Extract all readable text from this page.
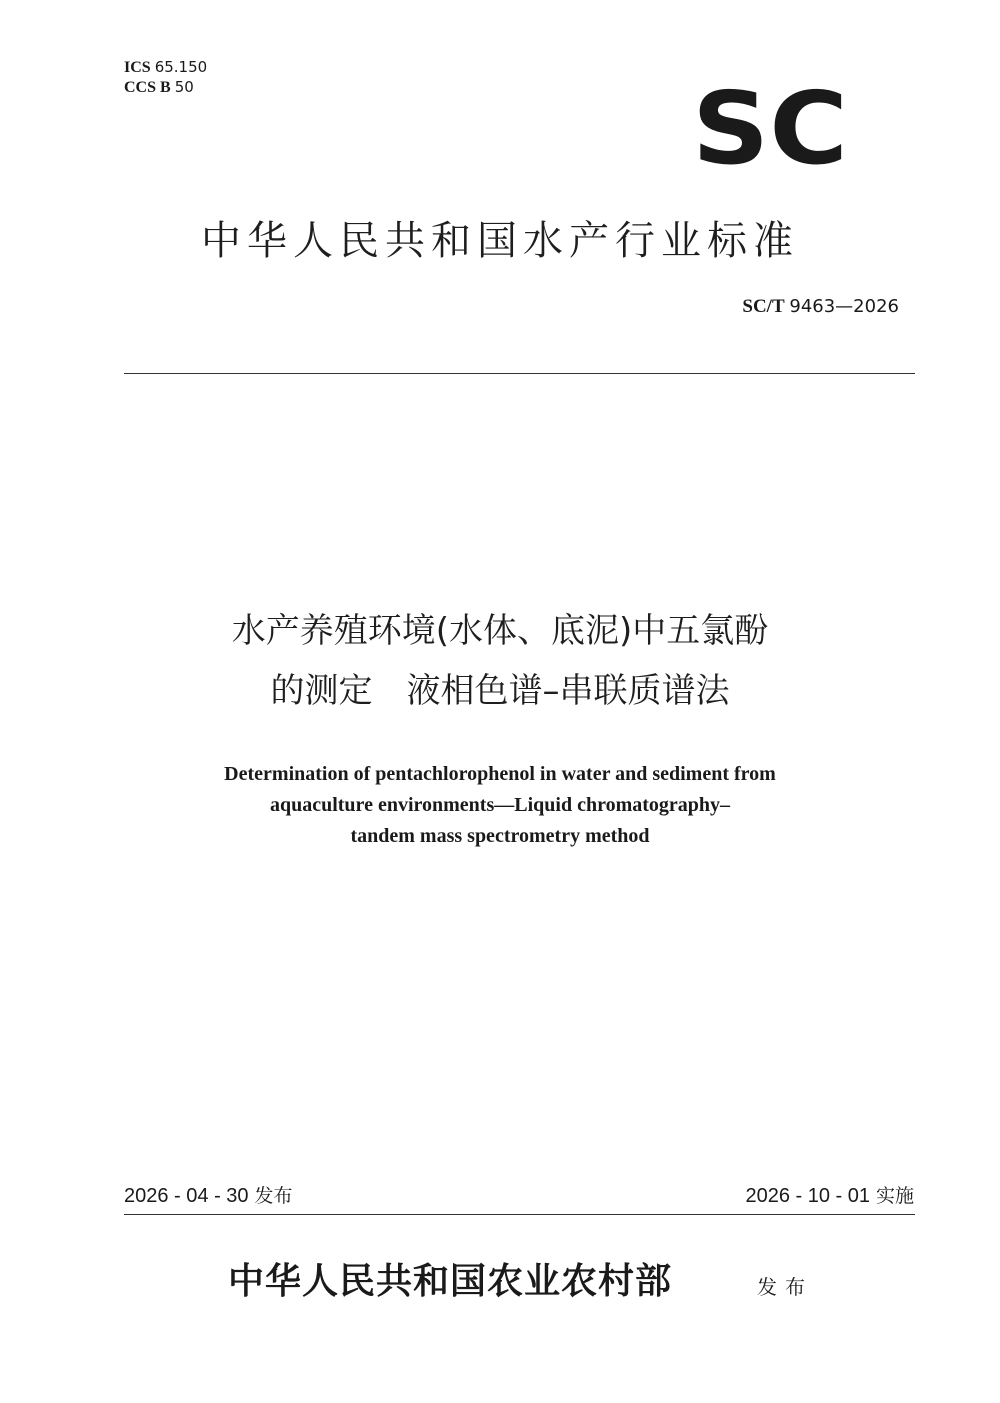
ICS 65.150
CCS B 50	SC
中华人民共和国水产行业标准
SC/T 9463—2026
水产养殖环境(水体、底泥)中五氯酚
的测定　液相色谱–串联质谱法
Determination of pentachlorophenol in water and sediment from
aquaculture environments—Liquid chromatography–
tandem mass spectrometry method
2026 - 04 - 30 发布	2026 - 10 - 01 实施
中华人民共和国农业农村部	发布
